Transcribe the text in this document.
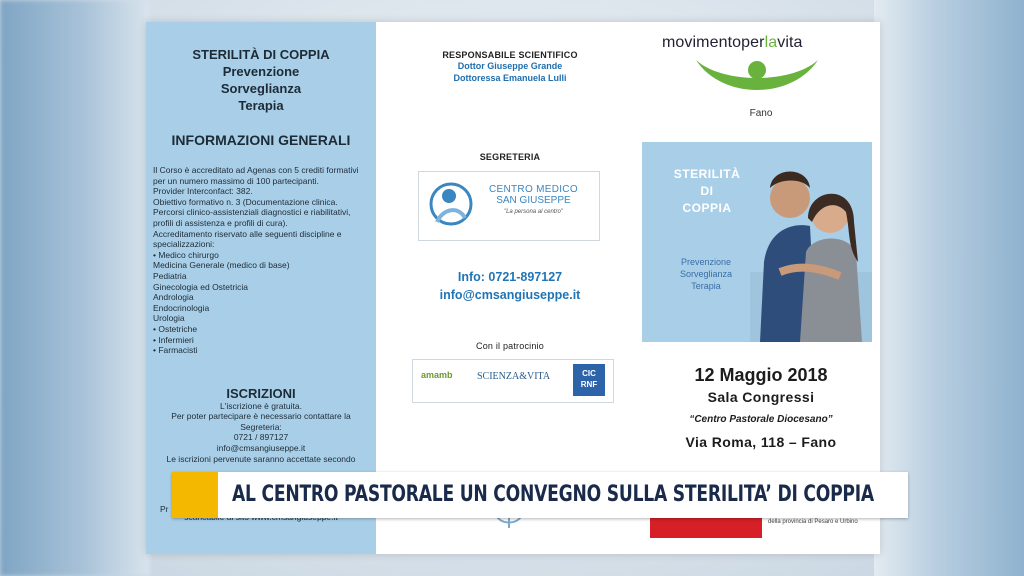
STERILITÀ DI COPPIA
Prevenzione
Sorveglianza
Terapia
INFORMAZIONI GENERALI
Il Corso è accreditato ad Agenas con 5 crediti formativi
per un numero massimo di 100 partecipanti.
Provider Interconfact: 382.
Obiettivo formativo n. 3 (Documentazione clinica.
Percorsi clinico-assistenziali diagnostici e riabilitativi,
profili di assistenza e profili di cura).
Accreditamento riservato alle seguenti discipline e
specializzazioni:
• Medico chirurgo
Medicina Generale (medico di base)
Pediatria
Ginecologia ed Ostetricia
Andrologia
Endocrinologia
Urologia
• Ostetriche
• Infermieri
• Farmacisti
ISCRIZIONI
L'iscrizione è gratuita.
Per poter partecipare è necessario contattare la
Segreteria:
0721 / 897127
info@cmsangiuseppe.it
Le iscrizioni pervenute saranno accettate secondo
Pr
RESPONSABILE SCIENTIFICO
Dottor Giuseppe Grande
Dottoressa Emanuela Lulli
SEGRETERIA
CENTRO MEDICO
SAN GIUSEPPE
"La persona al centro"
Info: 0721-897127
info@cmsangiuseppe.it
Con il patrocinio
amamb SCIENZA&VITA	CIC RNF
movimentoperlavita
Fano
STERILITÀ
DI
COPPIA
Prevenzione
Sorveglianza
Terapia
12 Maggio 2018
Sala Congressi
“Centro Pastorale Diocesano”
Via Roma, 118 – Fano
della provincia di Pesaro e Urbino
AL CENTRO PASTORALE UN CONVEGNO SULLA STERILITA’ DI COPPIA
